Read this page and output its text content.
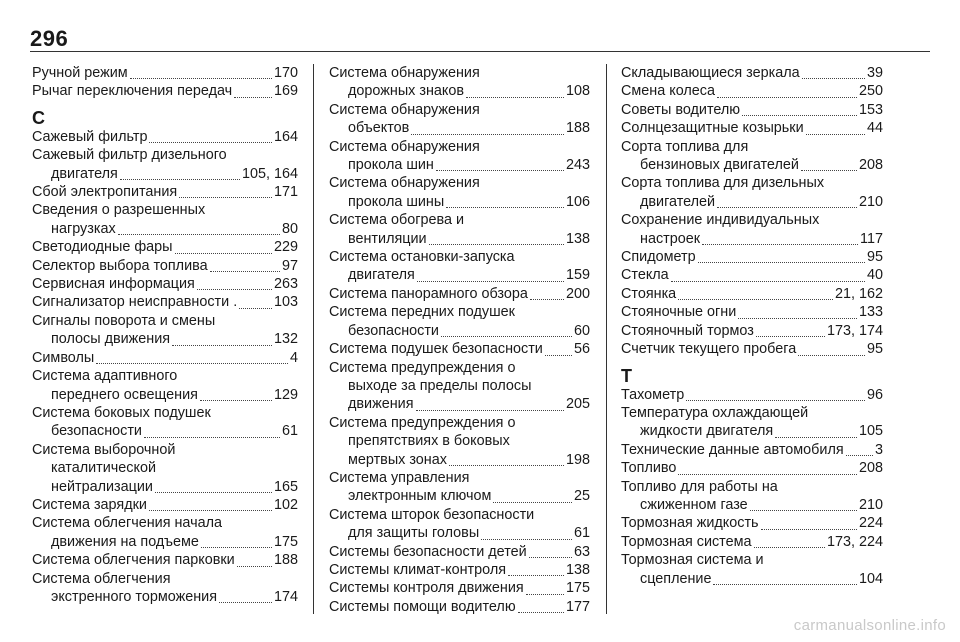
296
Ручной режим	170
Рычаг переключения передач	169
С
Сажевый фильтр	164
Сажевый фильтр дизельного
двигателя	105, 164
Сбой электропитания	171
Сведения о разрешенных
нагрузках	80
Светодиодные фары	229
Селектор выбора топлива	97
Сервисная информация	263
Сигнализатор неисправности .	103
Сигналы поворота и смены
полосы движения	132
Символы	4
Система адаптивного
переднего освещения	129
Система боковых подушек
безопасности	61
Система выборочной
каталитической
нейтрализации	165
Система зарядки	102
Система облегчения начала
движения на подъеме	175
Система облегчения парковки	188
Система облегчения
экстренного торможения	174
Система обнаружения
дорожных знаков	108
Система обнаружения
объектов	188
Система обнаружения
прокола шин	243
Система обнаружения
прокола шины	106
Система обогрева и
вентиляции	138
Система остановки-запуска
двигателя	159
Система панорамного обзора	200
Система передних подушек
безопасности	60
Система подушек безопасности 56
Система предупреждения о
выходе за пределы полосы
движения	205
Система предупреждения о
препятствиях в боковых
мертвых зонах	198
Система управления
электронным ключом	25
Система шторок безопасности
для защиты головы	61
Системы безопасности детей	63
Системы климат-контроля	138
Системы контроля движения	175
Системы помощи водителю	177
Складывающиеся зеркала	39
Смена колеса	250
Советы водителю	153
Солнцезащитные козырьки	44
Сорта топлива для
бензиновых двигателей	208
Сорта топлива для дизельных
двигателей	210
Сохранение индивидуальных
настроек	117
Спидометр	95
Стекла	40
Стоянка	21, 162
Стояночные огни	133
Стояночный тормоз	173, 174
Счетчик текущего пробега	95
Т
Тахометр	96
Температура охлаждающей
жидкости двигателя	105
Технические данные автомобиля 3
Топливо	208
Топливо для работы на
сжиженном газе	210
Тормозная жидкость	224
Тормозная система	173, 224
Тормозная система и
сцепление	104
carmanualsonline.info
